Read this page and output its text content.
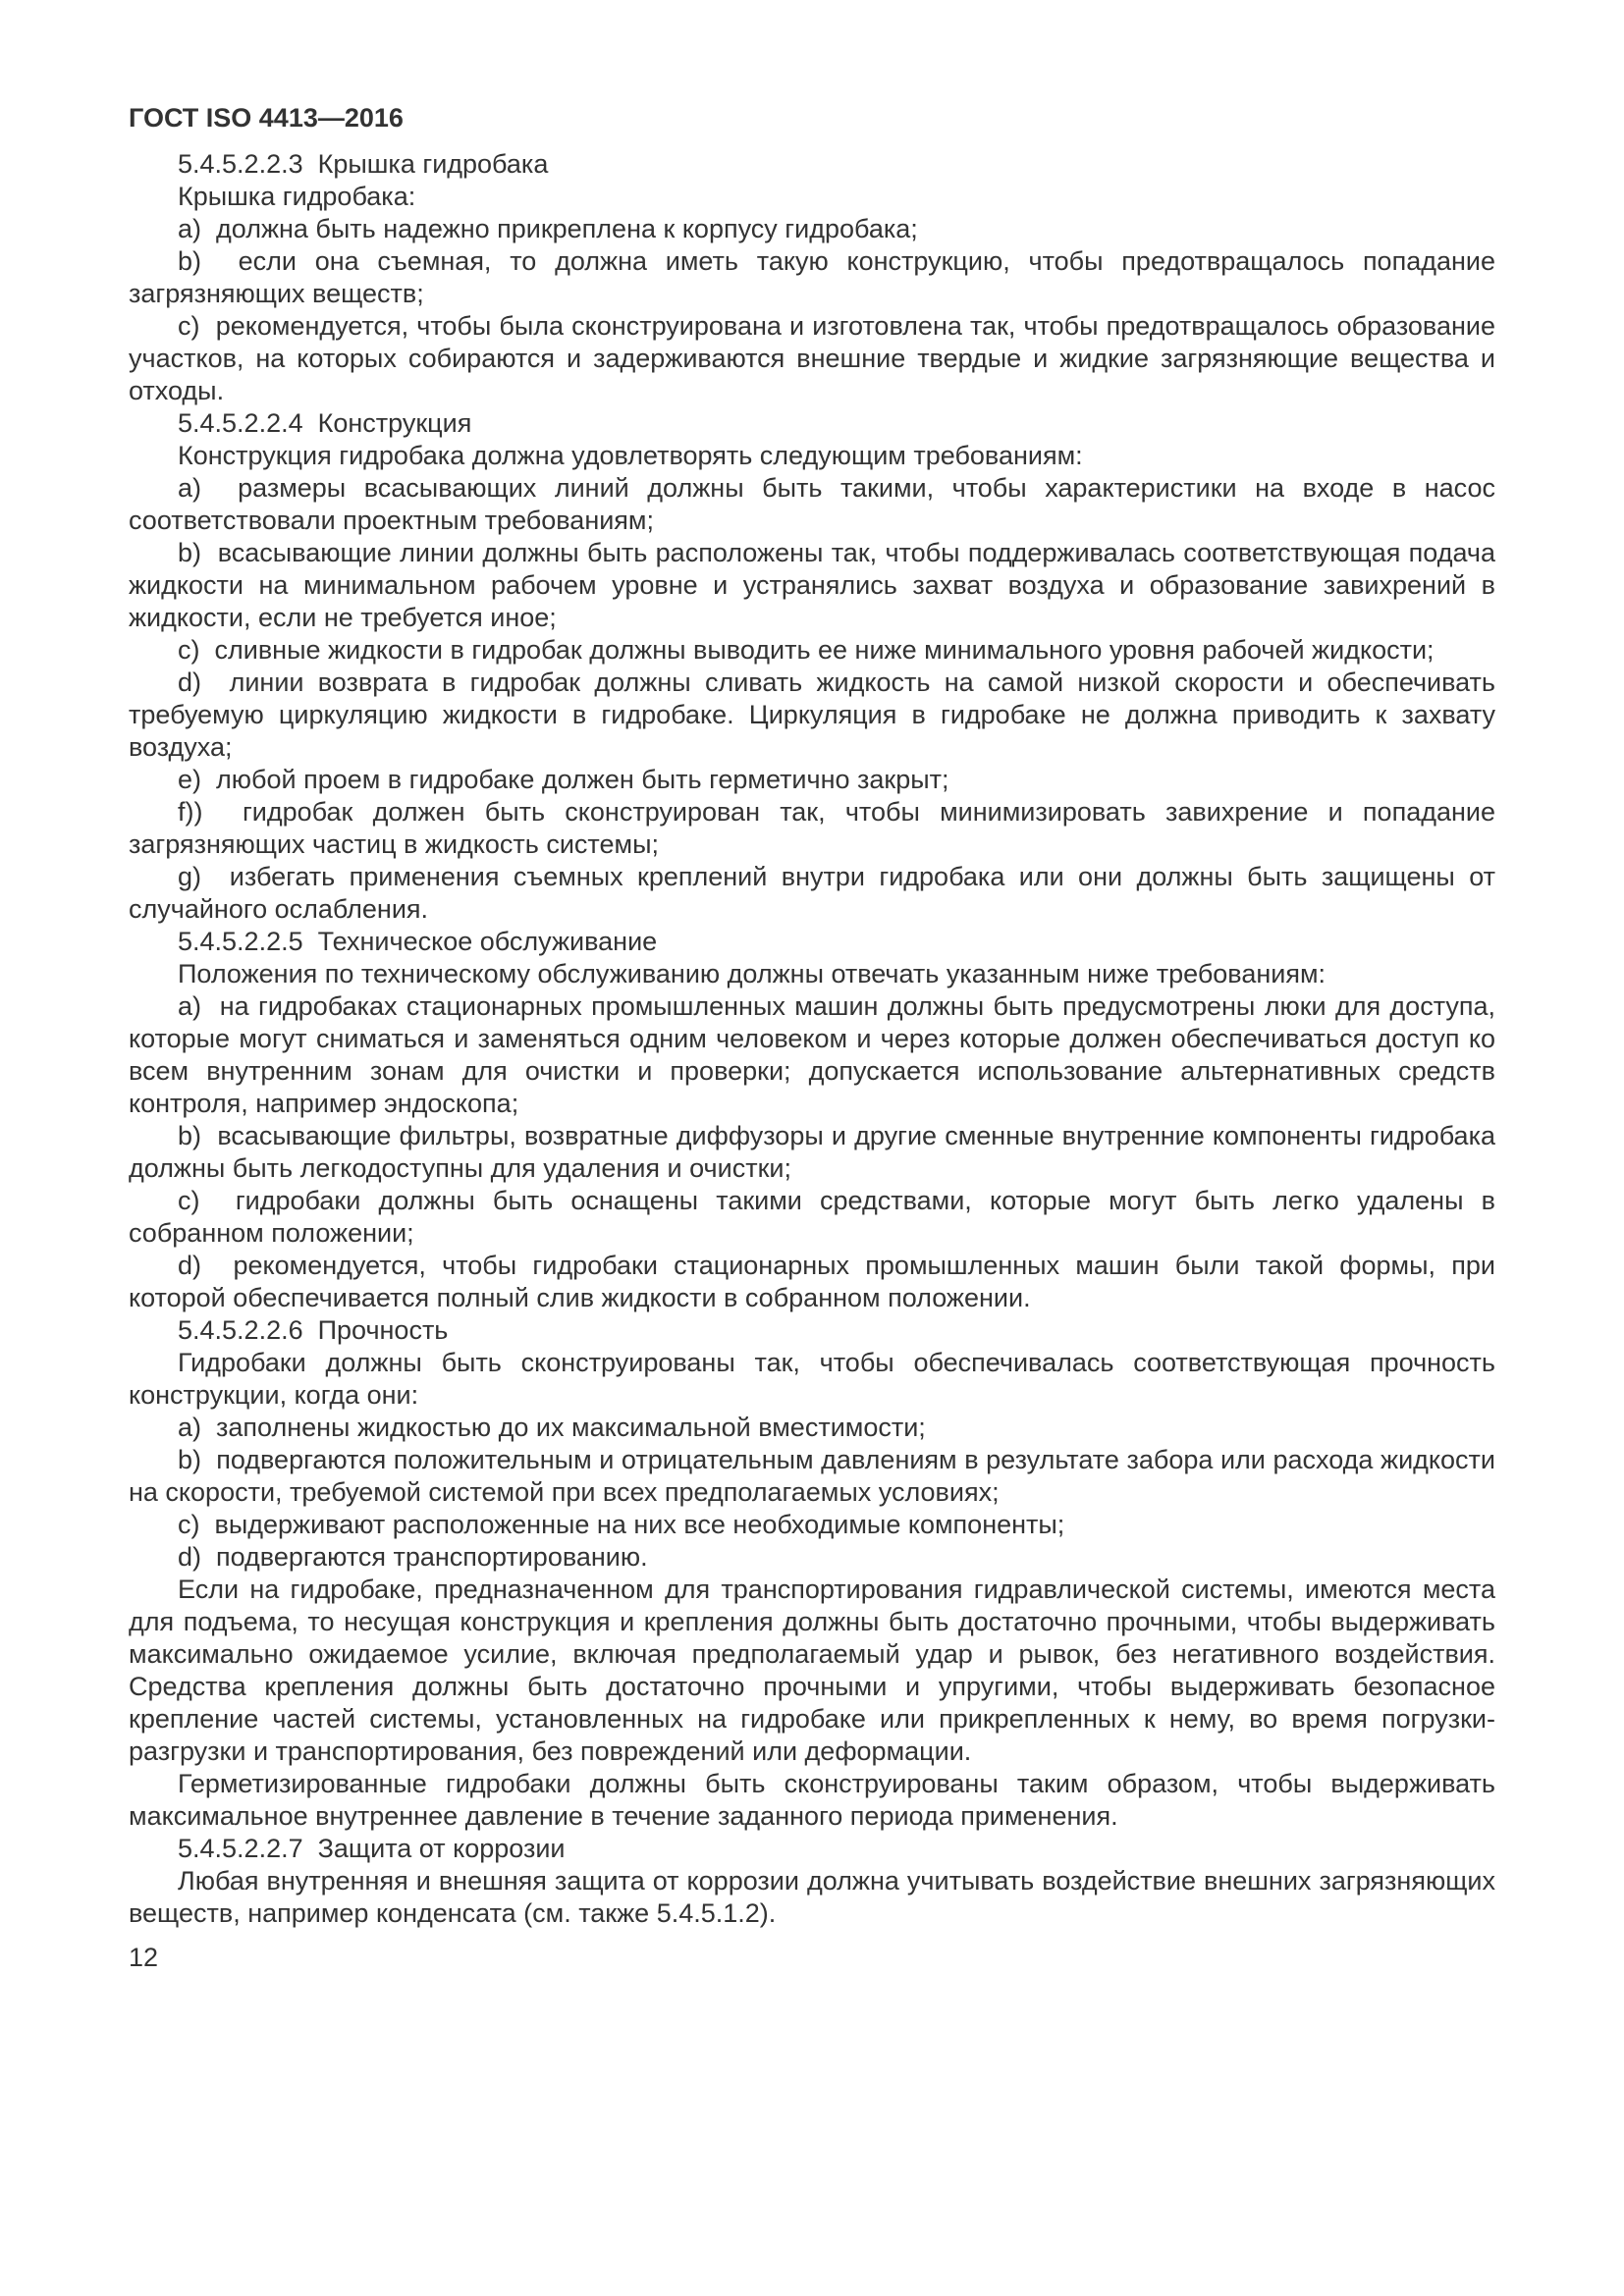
ГОСТ ISO 4413—2016

5.4.5.2.2.3  Крышка гидробака

Крышка гидробака:

a)  должна быть надежно прикреплена к корпусу гидробака;

b)  если она съемная, то должна иметь такую конструкцию, чтобы предотвращалось попадание загрязняющих веществ;

c)  рекомендуется, чтобы была сконструирована и изготовлена так, чтобы предотвращалось образование участков, на которых собираются и задерживаются внешние твердые и жидкие загрязняющие вещества и отходы.

5.4.5.2.2.4  Конструкция

Конструкция гидробака должна удовлетворять следующим требованиям:

a)  размеры всасывающих линий должны быть такими, чтобы характеристики на входе в насос соответствовали проектным требованиям;

b)  всасывающие линии должны быть расположены так, чтобы поддерживалась соответствующая подача жидкости на минимальном рабочем уровне и устранялись захват воздуха и образование завихрений в жидкости, если не требуется иное;

c)  сливные жидкости в гидробак должны выводить ее ниже минимального уровня рабочей жидкости;

d)  линии возврата в гидробак должны сливать жидкость на самой низкой скорости и обеспечивать требуемую циркуляцию жидкости в гидробаке. Циркуляция в гидробаке не должна приводить к захвату воздуха;

e)  любой проем в гидробаке должен быть герметично закрыт;

f))  гидробак должен быть сконструирован так, чтобы минимизировать завихрение и попадание загрязняющих частиц в жидкость системы;

g)  избегать применения съемных креплений внутри гидробака или они должны быть защищены от случайного ослабления.

5.4.5.2.2.5  Техническое обслуживание

Положения по техническому обслуживанию должны отвечать указанным ниже требованиям:

a)  на гидробаках стационарных промышленных машин должны быть предусмотрены люки для доступа, которые могут сниматься и заменяться одним человеком и через которые должен обеспечиваться доступ ко всем внутренним зонам для очистки и проверки; допускается использование альтернативных средств контроля, например эндоскопа;

b)  всасывающие фильтры, возвратные диффузоры и другие сменные внутренние компоненты гидробака должны быть легкодоступны для удаления и очистки;

c)  гидробаки должны быть оснащены такими средствами, которые могут быть легко удалены в собранном положении;

d)  рекомендуется, чтобы гидробаки стационарных промышленных машин были такой формы, при которой обеспечивается полный слив жидкости в собранном положении.

5.4.5.2.2.6  Прочность

Гидробаки должны быть сконструированы так, чтобы обеспечивалась соответствующая прочность конструкции, когда они:

a)  заполнены жидкостью до их максимальной вместимости;

b)  подвергаются положительным и отрицательным давлениям в результате забора или расхода жидкости на скорости, требуемой системой при всех предполагаемых условиях;

c)  выдерживают расположенные на них все необходимые компоненты;

d)  подвергаются транспортированию.

Если на гидробаке, предназначенном для транспортирования гидравлической системы, имеются места для подъема, то несущая конструкция и крепления должны быть достаточно прочными, чтобы выдерживать максимально ожидаемое усилие, включая предполагаемый удар и рывок, без негативного воздействия. Средства крепления должны быть достаточно прочными и упругими, чтобы выдерживать безопасное крепление частей системы, установленных на гидробаке или прикрепленных к нему, во время погрузки-разгрузки и транспортирования, без повреждений или деформации.

Герметизированные гидробаки должны быть сконструированы таким образом, чтобы выдерживать максимальное внутреннее давление в течение заданного периода применения.

5.4.5.2.2.7  Защита от коррозии

Любая внутренняя и внешняя защита от коррозии должна учитывать воздействие внешних загрязняющих веществ, например конденсата (см. также 5.4.5.1.2).

12
